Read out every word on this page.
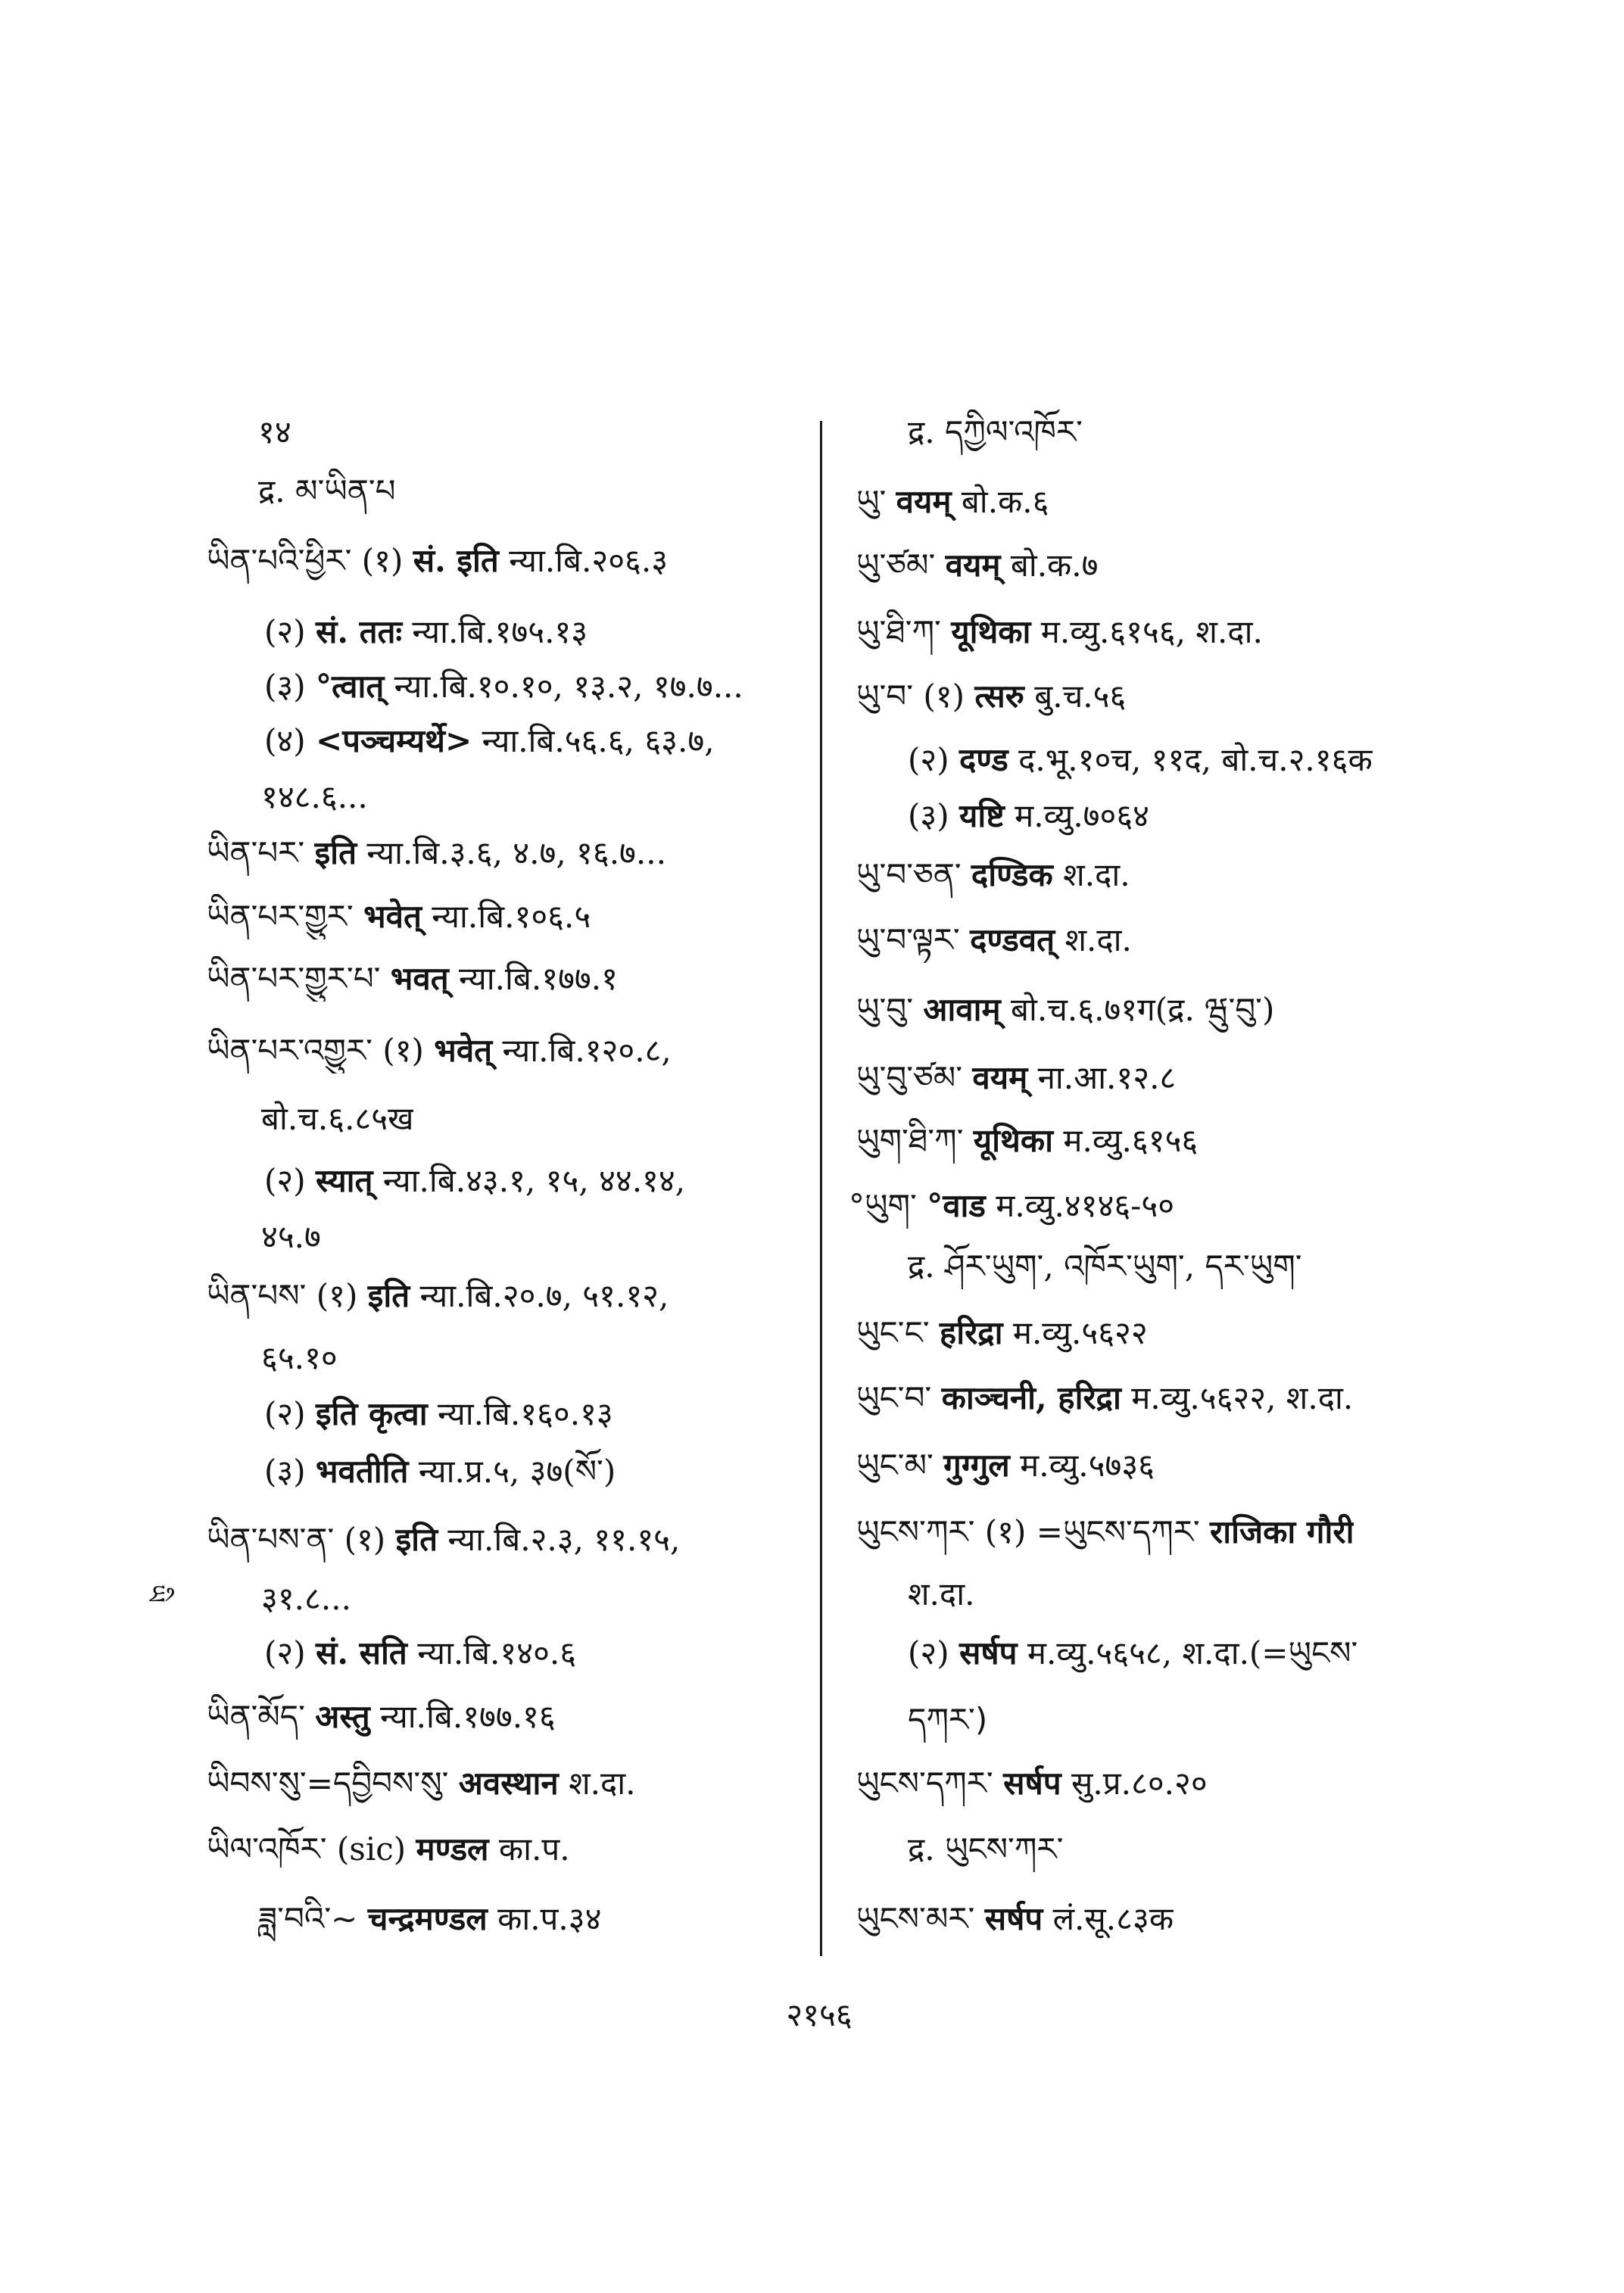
१४
द्र. མ་ཡིན་པ
ཡིན་པའི་ཕྱིར་ (१) सं. इति न्या.बि.२०६.३
(२) सं. ततः न्या.बि.१७५.१३
(३) °त्वात् न्या.बि.१०.१०, १३.२, १७.७...
(४) <पञ्चम्यर्थे> न्या.बि.५६.६, ६३.७,
१४८.६...
ཡིན་པར་ इति न्या.बि.३.६, ४.७, १६.७...
ཡིན་པར་གྱུར་ भवेत् न्या.बि.१०६.५
ཡིན་པར་གྱུར་པ་ भवत् न्या.बि.१७७.१
ཡིན་པར་འགྱུར་ (१) भवेत् न्या.बि.१२०.८,
बो.च.६.८५ख
(२) स्यात् न्या.बि.४३.१, १५, ४४.१४,
४५.७
ཡིན་པས་ (१) इति न्या.बि.२०.७, ५१.१२,
६५.१०
(२) इति कृत्वा न्या.बि.१६०.१३
(३) भवतीति न्या.प्र.५, ३७(སོ་)
ཡིན་པས་ན་ (१) इति न्या.बि.२.३, ११.१५,
३१.८...
(२) सं. सति न्या.बि.१४०.६
ཡིན་མོད་ अस्तु न्या.बि.१७७.१६
ཡིབས་སུ་=དབྱིབས་སུ་ अवस्थान श.दा.
ཡིལ་འཁོར་ (sic) मण्डल का.प.
ཟླ་བའི་~ चन्द्रमण्डल का.प.३४
द्र. དཀྱིལ་འཁོར་
ཡུ་ वयम् बो.क.६
ཡུ་ཙམ་ वयम् बो.क.७
ཡུ་ཐི་ཀ་ यूथिका म.व्यु.६१५६, श.दा.
ཡུ་བ་ (१) त्सरु बु.च.५६
(२) दण्ड द.भू.१०च, ११द, बो.च.२.१६क
(३) यष्टि म.व्यु.७०६४
ཡུ་བ་ཅན་ दण्डिक श.दा.
ཡུ་བ་ལྟར་ दण्डवत् श.दा.
ཡུ་བུ་ आवाम् बो.च.६.७१ग(द्र. ཝུ་བུ་)
ཡུ་བུ་ཙམ་ वयम् ना.आ.१२.८
ཡུག་ཐི་ཀ་ यूथिका म.व्यु.६१५६
°ཡུག་ °वाड म.व्यु.४१४६-५०
द्र. ཤོར་ཡུག་, འཁོར་ཡུག་, དར་ཡུག་
ཡུང་ང་ हरिद्रा म.व्यु.५६२२
ཡུང་བ་ काञ्चनी, हरिद्रा म.व्यु.५६२२, श.दा.
ཡུང་མ་ गुग्गुल म.व्यु.५७३६
ཡུངས་ཀར་ (१) =ཡུངས་དཀར་ राजिका गौरी
श.दा.
(२) सर्षप म.व्यु.५६५८, श.दा.(=ཡུངས་
དཀར་)
ཡུངས་དཀར་ सर्षप सु.प्र.८०.२०
द्र. ཡུངས་ཀར་
ཡུངས་མར་ सर्षप लं.सू.८३क
ཡི
२१५६
